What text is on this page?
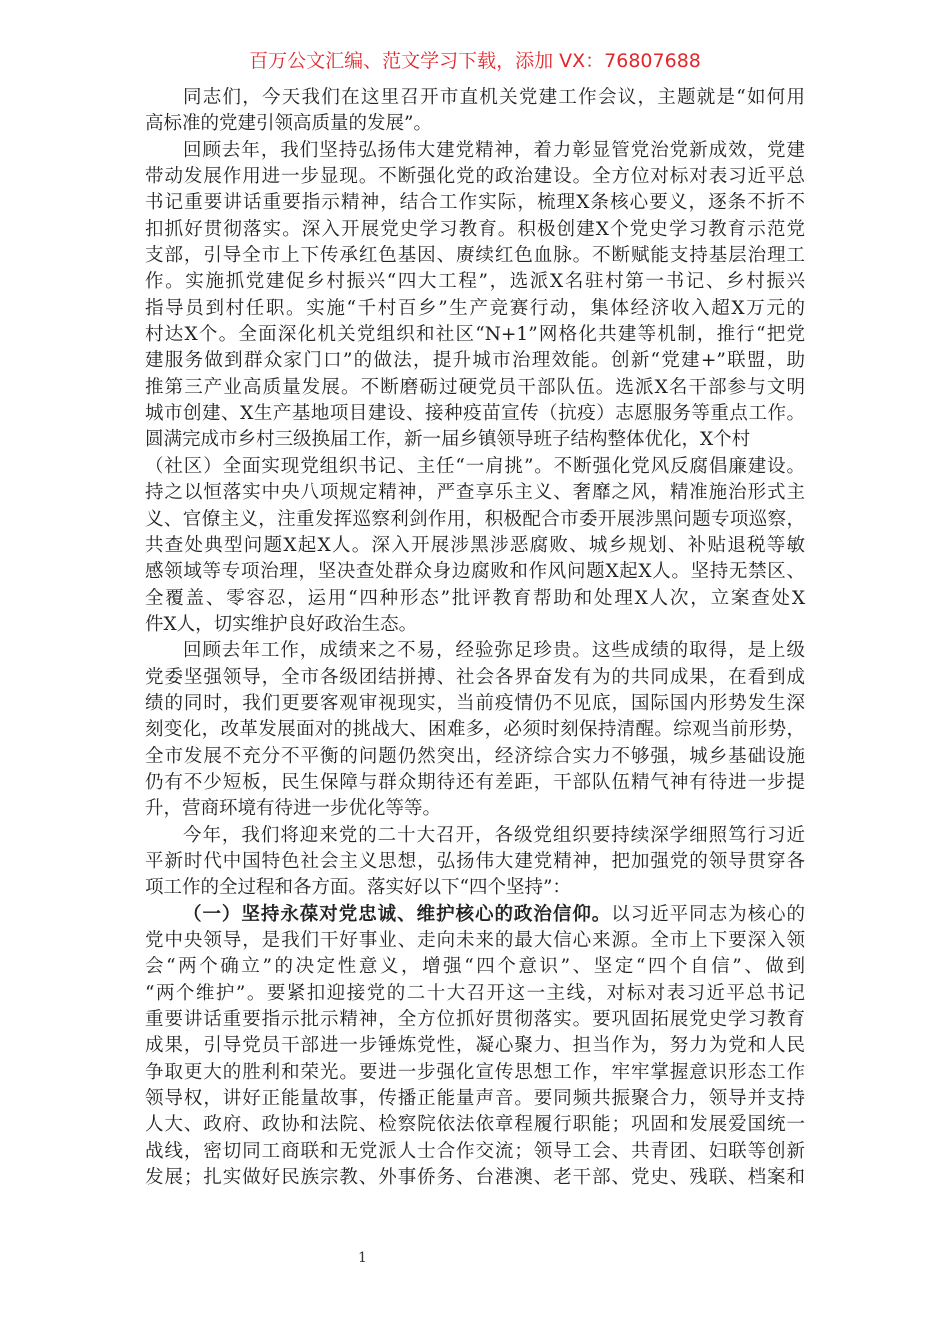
百万公文汇编、范文学习下载，添加 VX：76807688
同志们，今天我们在这里召开市直机关党建工作会议，主题就是“如何用
高标准的党建引领高质量的发展”。
回顾去年，我们坚持弘扬伟大建党精神，着力彰显管党治党新成效，党建
带动发展作用进一步显现。不断强化党的政治建设。全方位对标对表习近平总
书记重要讲话重要指示精神，结合工作实际，梳理X条核心要义，逐条不折不
扣抓好贯彻落实。深入开展党史学习教育。积极创建X个党史学习教育示范党
支部，引导全市上下传承红色基因、赓续红色血脉。不断赋能支持基层治理工
作。实施抓党建促乡村振兴“四大工程”，选派X名驻村第一书记、乡村振兴
指导员到村任职。实施“千村百乡”生产竞赛行动，集体经济收入超X万元的
村达X个。全面深化机关党组织和社区“N+1”网格化共建等机制，推行“把党
建服务做到群众家门口”的做法，提升城市治理效能。创新“党建+”联盟，助
推第三产业高质量发展。不断磨砺过硬党员干部队伍。选派X名干部参与文明
城市创建、X生产基地项目建设、接种疫苗宣传（抗疫）志愿服务等重点工作。
圆满完成市乡村三级换届工作，新一届乡镇领导班子结构整体优化，X个村
（社区）全面实现党组织书记、主任“一肩挑”。不断强化党风反腐倡廉建设。
持之以恒落实中央八项规定精神，严查享乐主义、奢靡之风，精准施治形式主
义、官僚主义，注重发挥巡察利剑作用，积极配合市委开展涉黑问题专项巡察，
共查处典型问题X起X人。深入开展涉黑涉恶腐败、城乡规划、补贴退税等敏
感领域等专项治理，坚决查处群众身边腐败和作风问题X起X人。坚持无禁区、
全覆盖、零容忍，运用“四种形态”批评教育帮助和处理X人次，立案查处X
件X人，切实维护良好政治生态。
回顾去年工作，成绩来之不易，经验弥足珍贵。这些成绩的取得，是上级
党委坚强领导，全市各级团结拼搏、社会各界奋发有为的共同成果，在看到成
绩的同时，我们更要客观审视现实，当前疫情仍不见底，国际国内形势发生深
刻变化，改革发展面对的挑战大、困难多，必须时刻保持清醒。综观当前形势，
全市发展不充分不平衡的问题仍然突出，经济综合实力不够强，城乡基础设施
仍有不少短板，民生保障与群众期待还有差距，干部队伍精气神有待进一步提
升，营商环境有待进一步优化等等。
今年，我们将迎来党的二十大召开，各级党组织要持续深学细照笃行习近
平新时代中国特色社会主义思想，弘扬伟大建党精神，把加强党的领导贯穿各
项工作的全过程和各方面。落实好以下“四个坚持”：
（一）坚持永葆对党忠诚、维护核心的政治信仰。以习近平同志为核心的
党中央领导，是我们干好事业、走向未来的最大信心来源。全市上下要深入领
会“两个确立”的决定性意义，增强“四个意识”、坚定“四个自信”、做到
“两个维护”。要紧扣迎接党的二十大召开这一主线，对标对表习近平总书记
重要讲话重要指示批示精神，全方位抓好贯彻落实。要巩固拓展党史学习教育
成果，引导党员干部进一步锤炼党性，凝心聚力、担当作为，努力为党和人民
争取更大的胜利和荣光。要进一步强化宣传思想工作，牢牢掌握意识形态工作
领导权，讲好正能量故事，传播正能量声音。要同频共振聚合力，领导并支持
人大、政府、政协和法院、检察院依法依章程履行职能；巩固和发展爱国统一
战线，密切同工商联和无党派人士合作交流；领导工会、共青团、妇联等创新
发展；扎实做好民族宗教、外事侨务、台港澳、老干部、党史、残联、档案和
1
